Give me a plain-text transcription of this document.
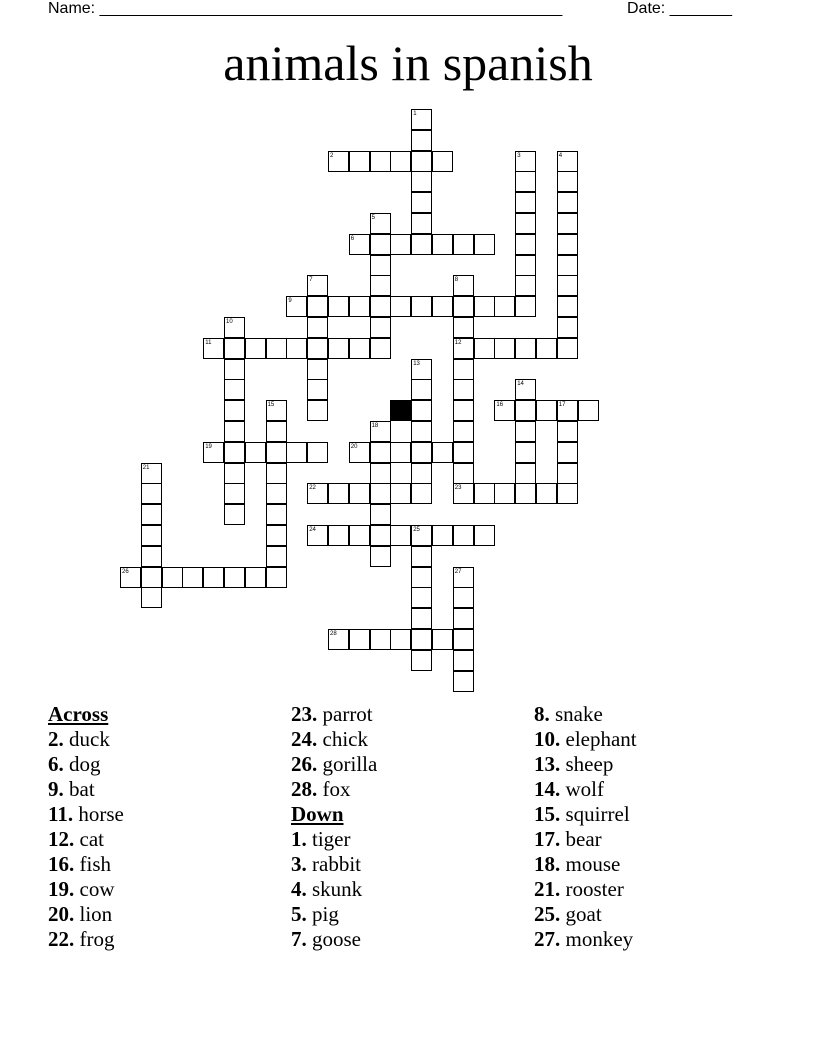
Name: ____________________________________________________	Date: _______
animals in spanish
1
2	3	4
5
6
7	8
9
10
11	12
13
14
15	16	17
18
19	20
21
22	23
24	25
26	27
28
Across
2. duck
6. dog
9. bat
11. horse
12. cat
16. fish
19. cow
20. lion
22. frog
23. parrot
24. chick
26. gorilla
28. fox
Down
1. tiger
3. rabbit
4. skunk
5. pig
7. goose
8. snake
10. elephant
13. sheep
14. wolf
15. squirrel
17. bear
18. mouse
21. rooster
25. goat
27. monkey
